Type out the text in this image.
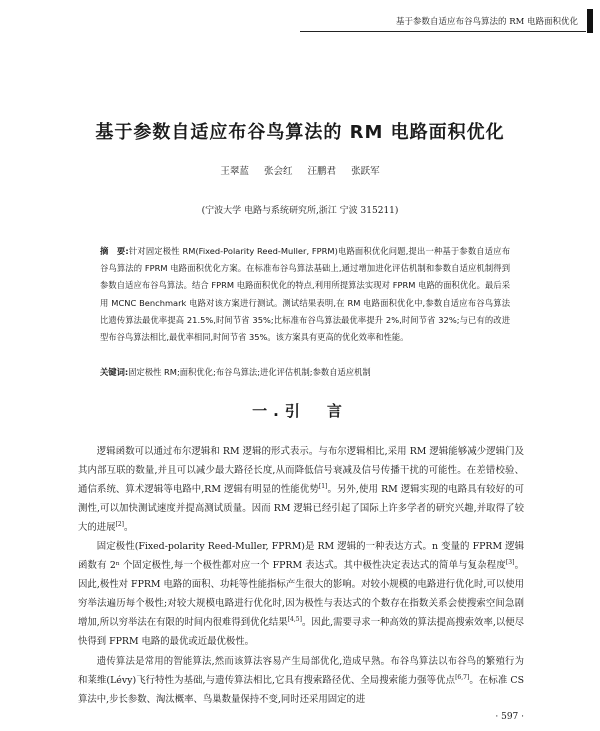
基于参数自适应布谷鸟算法的 RM 电路面积优化
基于参数自适应布谷鸟算法的 RM 电路面积优化
王翠蓝 张会红 汪鹏君 张跃军
(宁波大学 电路与系统研究所,浙江 宁波 315211)
摘　要:针对固定极性 RM(Fixed-Polarity Reed-Muller, FPRM)电路面积优化问题,提出一种基于参数自适应布谷鸟算法的 FPRM 电路面积优化方案。在标准布谷鸟算法基础上,通过增加进化评估机制和参数自适应机制得到参数自适应布谷鸟算法。结合 FPRM 电路面积优化的特点,利用所提算法实现对 FPRM 电路的面积优化。最后采用 MCNC Benchmark 电路对该方案进行测试。测试结果表明,在 RM 电路面积优化中,参数自适应布谷鸟算法比遗传算法最优率提高 21.5%,时间节省 35%;比标准布谷鸟算法最优率提升 2%,时间节省 32%;与已有的改进型布谷鸟算法相比,最优率相同,时间节省 35%。该方案具有更高的优化效率和性能。
关键词:固定极性 RM;面积优化;布谷鸟算法;进化评估机制;参数自适应机制
一.引　言

逻辑函数可以通过布尔逻辑和 RM 逻辑的形式表示。与布尔逻辑相比,采用 RM 逻辑能够减少逻辑门及其内部互联的数量,并且可以减少最大路径长度,从而降低信号衰减及信号传播干扰的可能性。在差错校验、通信系统、算术逻辑等电路中,RM 逻辑有明显的性能优势[1]。另外,使用 RM 逻辑实现的电路具有较好的可测性,可以加快测试速度并提高测试质量。因而 RM 逻辑已经引起了国际上许多学者的研究兴趣,并取得了较大的进展[2]。

固定极性(Fixed-polarity Reed-Muller, FPRM)是 RM 逻辑的一种表达方式。n 变量的 FPRM 逻辑函数有 2ⁿ 个固定极性,每一个极性都对应一个 FPRM 表达式。其中极性决定表达式的简单与复杂程度[3]。因此,极性对 FPRM 电路的面积、功耗等性能指标产生很大的影响。对较小规模的电路进行优化时,可以使用穷举法遍历每个极性;对较大规模电路进行优化时,因为极性与表达式的个数存在指数关系会使搜索空间急剧增加,所以穷举法在有限的时间内很难得到优化结果[4,5]。因此,需要寻求一种高效的算法提高搜索效率,以便尽快得到 FPRM 电路的最优或近最优极性。

遗传算法是常用的智能算法,然而该算法容易产生局部优化,造成早熟。布谷鸟算法以布谷鸟的繁殖行为和莱维(Lévy)飞行特性为基础,与遗传算法相比,它具有搜索路径优、全局搜索能力强等优点[6,7]。在标准 CS 算法中,步长参数、淘汰概率、鸟巢数量保持不变,同时还采用固定的进

· 597 ·
